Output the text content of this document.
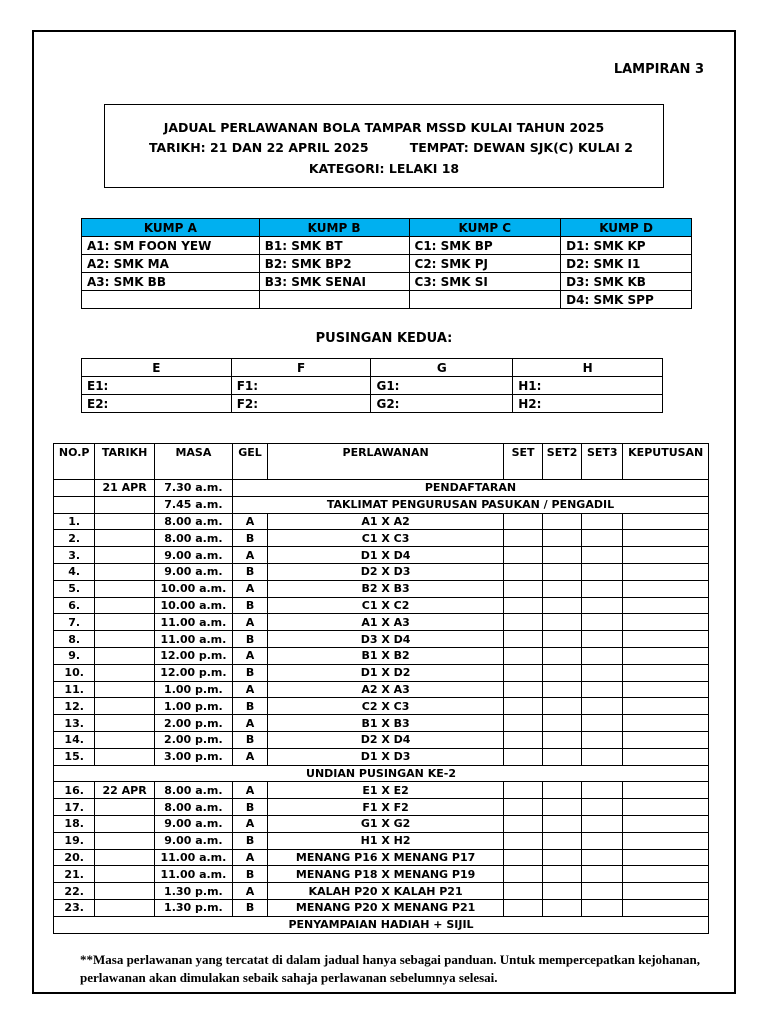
LAMPIRAN 3
JADUAL PERLAWANAN BOLA TAMPAR MSSD KULAI TAHUN 2025
TARIKH: 21 DAN 22 APRIL 2025	TEMPAT: DEWAN SJK(C) KULAI 2
KATEGORI: LELAKI 18
KUMP A	KUMP B	KUMP C	KUMP D
A1: SM FOON YEW	B1: SMK BT	C1: SMK BP	D1: SMK KP
A2: SMK MA	B2: SMK BP2	C2: SMK PJ	D2: SMK I1
A3: SMK BB	B3: SMK SENAI	C3: SMK SI	D3: SMK KB
			D4: SMK SPP
PUSINGAN KEDUA:
E	F	G	H
E1:	F1:	G1:	H1:
E2:	F2:	G2:	H2:
NO.P	TARIKH	MASA	GEL	PERLAWANAN	SET	SET2	SET3	KEPUTUSAN
	21 APR	7.30 a.m.	PENDAFTARAN					
		7.45 a.m.	TAKLIMAT PENGURUSAN PASUKAN / PENGADIL					
1.		8.00 a.m.	A	A1 X A2				
2.		8.00 a.m.	B	C1 X C3				
3.		9.00 a.m.	A	D1 X D4				
4.		9.00 a.m.	B	D2 X D3				
5.		10.00 a.m.	A	B2 X B3				
6.		10.00 a.m.	B	C1 X C2				
7.		11.00 a.m.	A	A1 X A3				
8.		11.00 a.m.	B	D3 X D4				
9.		12.00 p.m.	A	B1 X B2				
10.		12.00 p.m.	B	D1 X D2				
11.		1.00 p.m.	A	A2 X A3				
12.		1.00 p.m.	B	C2 X C3				
13.		2.00 p.m.	A	B1 X B3				
14.		2.00 p.m.	B	D2 X D4				
15.		3.00 p.m.	A	D1 X D3				
UNDIAN PUSINGAN KE-2								
16.	22 APR	8.00 a.m.	A	E1 X E2				
17.		8.00 a.m.	B	F1 X F2				
18.		9.00 a.m.	A	G1 X G2				
19.		9.00 a.m.	B	H1 X H2				
20.		11.00 a.m.	A	MENANG P16 X MENANG P17				
21.		11.00 a.m.	B	MENANG P18 X MENANG P19				
22.		1.30 p.m.	A	KALAH P20 X KALAH P21				
23.		1.30 p.m.	B	MENANG P20 X MENANG P21				
PENYAMPAIAN HADIAH + SIJIL								
**Masa perlawanan yang tercatat di dalam jadual hanya sebagai panduan. Untuk mempercepatkan kejohanan, perlawanan akan dimulakan sebaik sahaja perlawanan sebelumnya selesai.
